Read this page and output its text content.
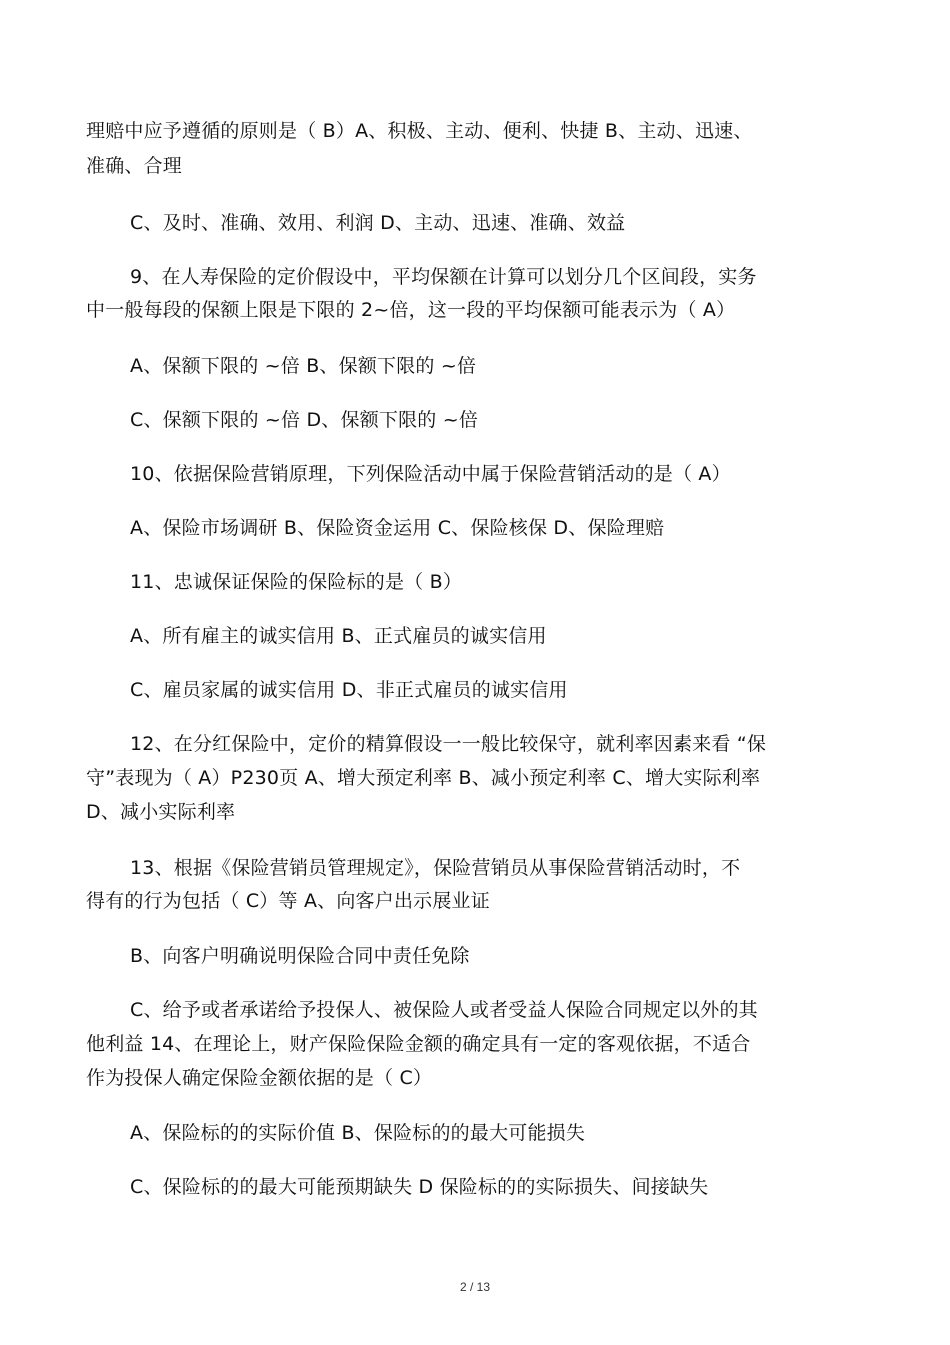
理赔中应予遵循的原则是（ B）A、积极、主动、便利、快捷 B、主动、迅速、
准确、合理
C、及时、准确、效用、利润 D、主动、迅速、准确、效益
9、在人寿保险的定价假设中，平均保额在计算可以划分几个区间段，实务
中一般每段的保额上限是下限的 2~倍，这一段的平均保额可能表示为（ A）
A、保额下限的 ~倍 B、保额下限的 ~倍
C、保额下限的 ~倍 D、保额下限的 ~倍
10、依据保险营销原理，下列保险活动中属于保险营销活动的是（ A）
A、保险市场调研 B、保险资金运用 C、保险核保 D、保险理赔
11、忠诚保证保险的保险标的是（ B）
A、所有雇主的诚实信用 B、正式雇员的诚实信用
C、雇员家属的诚实信用 D、非正式雇员的诚实信用
12、在分红保险中，定价的精算假设一一般比较保守，就利率因素来看 “保
守”表现为（ A）P230页 A、增大预定利率 B、减小预定利率 C、增大实际利率
D、减小实际利率
13、根据《保险营销员管理规定》，保险营销员从事保险营销活动时，不
得有的行为包括（ C）等 A、向客户出示展业证
B、向客户明确说明保险合同中责任免除
C、给予或者承诺给予投保人、被保险人或者受益人保险合同规定以外的其
他利益 14、在理论上，财产保险保险金额的确定具有一定的客观依据，不适合
作为投保人确定保险金额依据的是（ C）
A、保险标的的实际价值 B、保险标的的最大可能损失
C、保险标的的最大可能预期缺失 D 保险标的的实际损失、间接缺失
2 / 13
